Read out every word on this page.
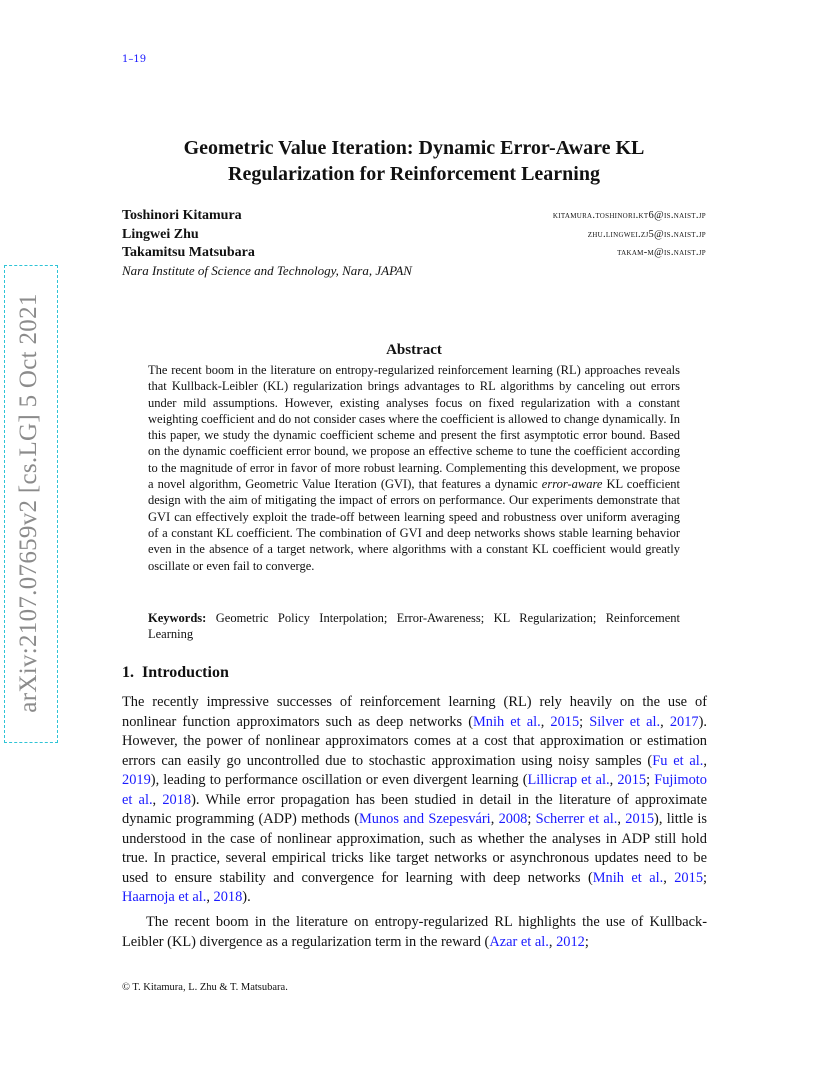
1–19
arXiv:2107.07659v2 [cs.LG] 5 Oct 2021
Geometric Value Iteration: Dynamic Error-Aware KL Regularization for Reinforcement Learning
Toshinori Kitamura	kitamura.toshinori.kt6@is.naist.jp
Lingwei Zhu	zhu.lingwei.zj5@is.naist.jp
Takamitsu Matsubara	takam-m@is.naist.jp
Nara Institute of Science and Technology, Nara, JAPAN
Abstract

The recent boom in the literature on entropy-regularized reinforcement learning (RL) approaches reveals that Kullback-Leibler (KL) regularization brings advantages to RL algorithms by canceling out errors under mild assumptions. However, existing analyses focus on fixed regularization with a constant weighting coefficient and do not consider cases where the coefficient is allowed to change dynamically. In this paper, we study the dynamic coefficient scheme and present the first asymptotic error bound. Based on the dynamic coefficient error bound, we propose an effective scheme to tune the coefficient according to the magnitude of error in favor of more robust learning. Complementing this development, we propose a novel algorithm, Geometric Value Iteration (GVI), that features a dynamic error-aware KL coefficient design with the aim of mitigating the impact of errors on performance. Our experiments demonstrate that GVI can effectively exploit the trade-off between learning speed and robustness over uniform averaging of a constant KL coefficient. The combination of GVI and deep networks shows stable learning behavior even in the absence of a target network, where algorithms with a constant KL coefficient would greatly oscillate or even fail to converge.

Keywords: Geometric Policy Interpolation; Error-Awareness; KL Regularization; Reinforcement Learning

1. Introduction

The recently impressive successes of reinforcement learning (RL) rely heavily on the use of nonlinear function approximators such as deep networks (Mnih et al., 2015; Silver et al., 2017). However, the power of nonlinear approximators comes at a cost that approximation or estimation errors can easily go uncontrolled due to stochastic approximation using noisy samples (Fu et al., 2019), leading to performance oscillation or even divergent learning (Lillicrap et al., 2015; Fujimoto et al., 2018). While error propagation has been studied in detail in the literature of approximate dynamic programming (ADP) methods (Munos and Szepesvári, 2008; Scherrer et al., 2015), little is understood in the case of nonlinear approximation, such as whether the analyses in ADP still hold true. In practice, several empirical tricks like target networks or asynchronous updates need to be used to ensure stability and convergence for learning with deep networks (Mnih et al., 2015; Haarnoja et al., 2018).

The recent boom in the literature on entropy-regularized RL highlights the use of Kullback-Leibler (KL) divergence as a regularization term in the reward (Azar et al., 2012;

© T. Kitamura, L. Zhu & T. Matsubara.
